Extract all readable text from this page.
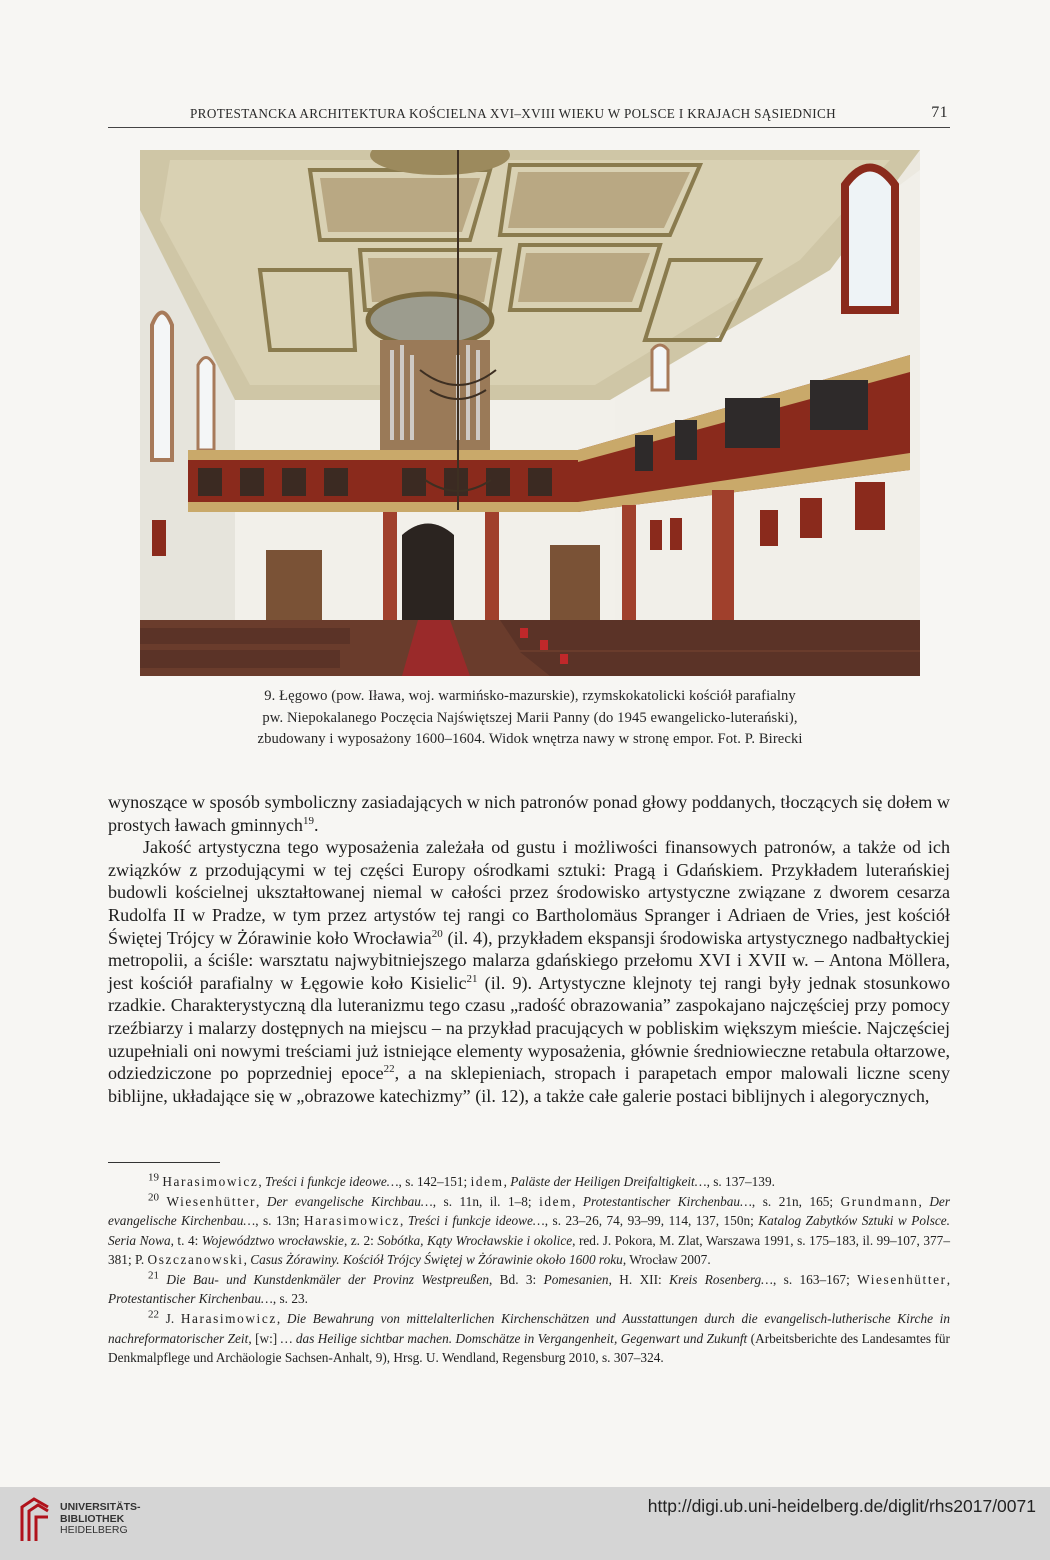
PROTESTANCKA ARCHITEKTURA KOŚCIELNA XVI–XVIII WIEKU W POLSCE I KRAJACH SĄSIEDNICH	71
9. Łęgowo (pow. Iława, woj. warmińsko-mazurskie), rzymskokatolicki kościół parafialny
pw. Niepokalanego Poczęcia Najświętszej Marii Panny (do 1945 ewangelicko-luterański),
zbudowany i wyposażony 1600–1604. Widok wnętrza nawy w stronę empor. Fot. P. Birecki

wynoszące w sposób symboliczny zasiadających w nich patronów ponad głowy poddanych, tłoczących się dołem w prostych ławach gminnych$^{19}$.

Jakość artystyczna tego wyposażenia zależała od gustu i możliwości finansowych patronów, a także od ich związków z przodującymi w tej części Europy ośrodkami sztuki: Pragą i Gdańskiem. Przykładem luterańskiej budowli kościelnej ukształtowanej niemal w całości przez środowisko artystyczne związane z dworem cesarza Rudolfa II w Pradze, w tym przez artystów tej rangi co Bartholomäus Spranger i Adriaen de Vries, jest kościół Świętej Trójcy w Żórawinie koło Wrocławia$^{20}$ (il. 4), przykładem ekspansji środowiska artystycznego nadbałtyckiej metropolii, a ściśle: warsztatu najwybitniejszego malarza gdańskiego przełomu XVI i XVII w. – Antona Möllera, jest kościół parafialny w Łęgowie koło Kisielic$^{21}$ (il. 9). Artystyczne klejnoty tej rangi były jednak stosunkowo rzadkie. Charakterystyczną dla luteranizmu tego czasu „radość obrazowania” zaspokajano najczęściej przy pomocy rzeźbiarzy i malarzy dostępnych na miejscu – na przykład pracujących w pobliskim większym mieście. Najczęściej uzupełniali oni nowymi treściami już istniejące elementy wyposażenia, głównie średniowieczne retabula ołtarzowe, odziedziczone po poprzedniej epoce$^{22}$, a na sklepieniach, stropach i parapetach empor malowali liczne sceny biblijne, układające się w „obrazowe katechizmy” (il. 12), a także całe galerie postaci biblijnych i alegorycznych,

$^{19}$ Harasimowicz, Treści i funkcje ideowe…, s. 142–151; idem, Paläste der Heiligen Dreifaltigkeit…, s. 137–139.

$^{20}$ Wiesenhütter, Der evangelische Kirchbau…, s. 11n, il. 1–8; idem, Protestantischer Kirchenbau…, s. 21n, 165; Grundmann, Der evangelische Kirchenbau…, s. 13n; Harasimowicz, Treści i funkcje ideowe…, s. 23–26, 74, 93–99, 114, 137, 150n; Katalog Zabytków Sztuki w Polsce. Seria Nowa, t. 4: Województwo wrocławskie, z. 2: Sobótka, Kąty Wrocławskie i okolice, red. J. Pokora, M. Zlat, Warszawa 1991, s. 175–183, il. 99–107, 377–381; P. Oszczanowski, Casus Żórawiny. Kościół Trójcy Świętej w Żórawinie około 1600 roku, Wrocław 2007.

$^{21}$ Die Bau- und Kunstdenkmäler der Provinz Westpreußen, Bd. 3: Pomesanien, H. XII: Kreis Rosenberg…, s. 163–167; Wiesenhütter, Protestantischer Kirchenbau…, s. 23.

$^{22}$ J. Harasimowicz, Die Bewahrung von mittelalterlichen Kirchenschätzen und Ausstattungen durch die evangelisch-lutherische Kirche in nachreformatorischer Zeit, [w:] … das Heilige sichtbar machen. Domschätze in Vergangenheit, Gegenwart und Zukunft (Arbeitsberichte des Landesamtes für Denkmalpflege und Archäologie Sachsen-Anhalt, 9), Hrsg. U. Wendland, Regensburg 2010, s. 307–324.

UNIVERSITÄTS-
BIBLIOTHEK
HEIDELBERG
http://digi.ub.uni-heidelberg.de/diglit/rhs2017/0071
